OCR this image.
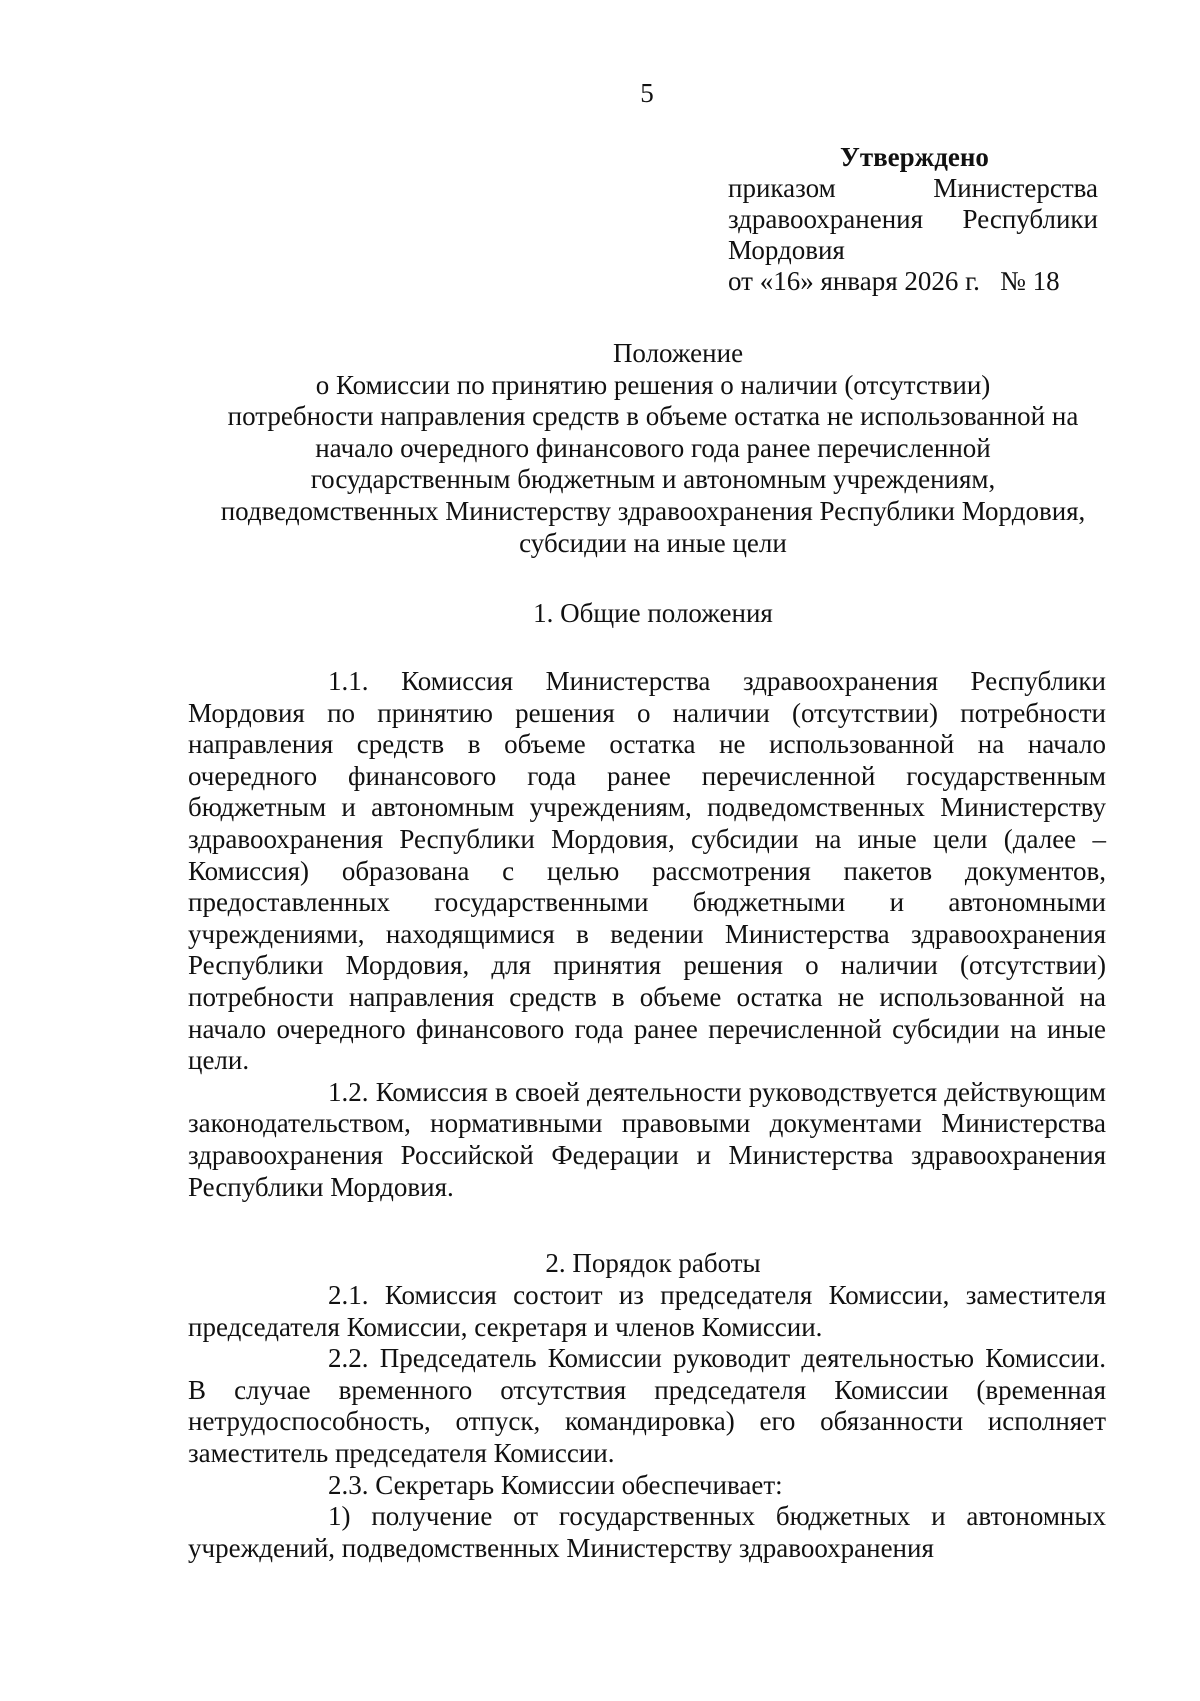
5
Утверждено
приказом Министерства
здравоохранения Республики
Мордовия
от «16» января 2026 г.   № 18
Положение
о Комиссии по принятию решения о наличии (отсутствии)
потребности направления средств в объеме остатка не использованной на
начало очередного финансового года ранее перечисленной
государственным бюджетным и автономным учреждениям,
подведомственных Министерству здравоохранения Республики Мордовия,
субсидии на иные цели
1. Общие положения

1.1. Комиссия Министерства здравоохранения Республики Мордовия по принятию решения о наличии (отсутствии) потребности направления средств в объеме остатка не использованной на начало очередного финансового года ранее перечисленной государственным бюджетным и автономным учреждениям, подведомственных Министерству здравоохранения Республики Мордовия, субсидии на иные цели (далее – Комиссия) образована с целью рассмотрения пакетов документов, предоставленных государственными бюджетными и автономными учреждениями, находящимися в ведении Министерства здравоохранения Республики Мордовия, для принятия решения о наличии (отсутствии) потребности направления средств в объеме остатка не использованной на начало очередного финансового года ранее перечисленной субсидии на иные цели.

1.2. Комиссия в своей деятельности руководствуется действующим законодательством, нормативными правовыми документами Министерства здравоохранения Российской Федерации и Министерства здравоохранения Республики Мордовия.

2. Порядок работы

2.1. Комиссия состоит из председателя Комиссии, заместителя председателя Комиссии, секретаря и членов Комиссии.

2.2. Председатель Комиссии руководит деятельностью Комиссии. В случае временного отсутствия председателя Комиссии (временная нетрудоспособность, отпуск, командировка) его обязанности исполняет заместитель председателя Комиссии.

2.3. Секретарь Комиссии обеспечивает:

1) получение от государственных бюджетных и автономных учреждений, подведомственных Министерству здравоохранения
